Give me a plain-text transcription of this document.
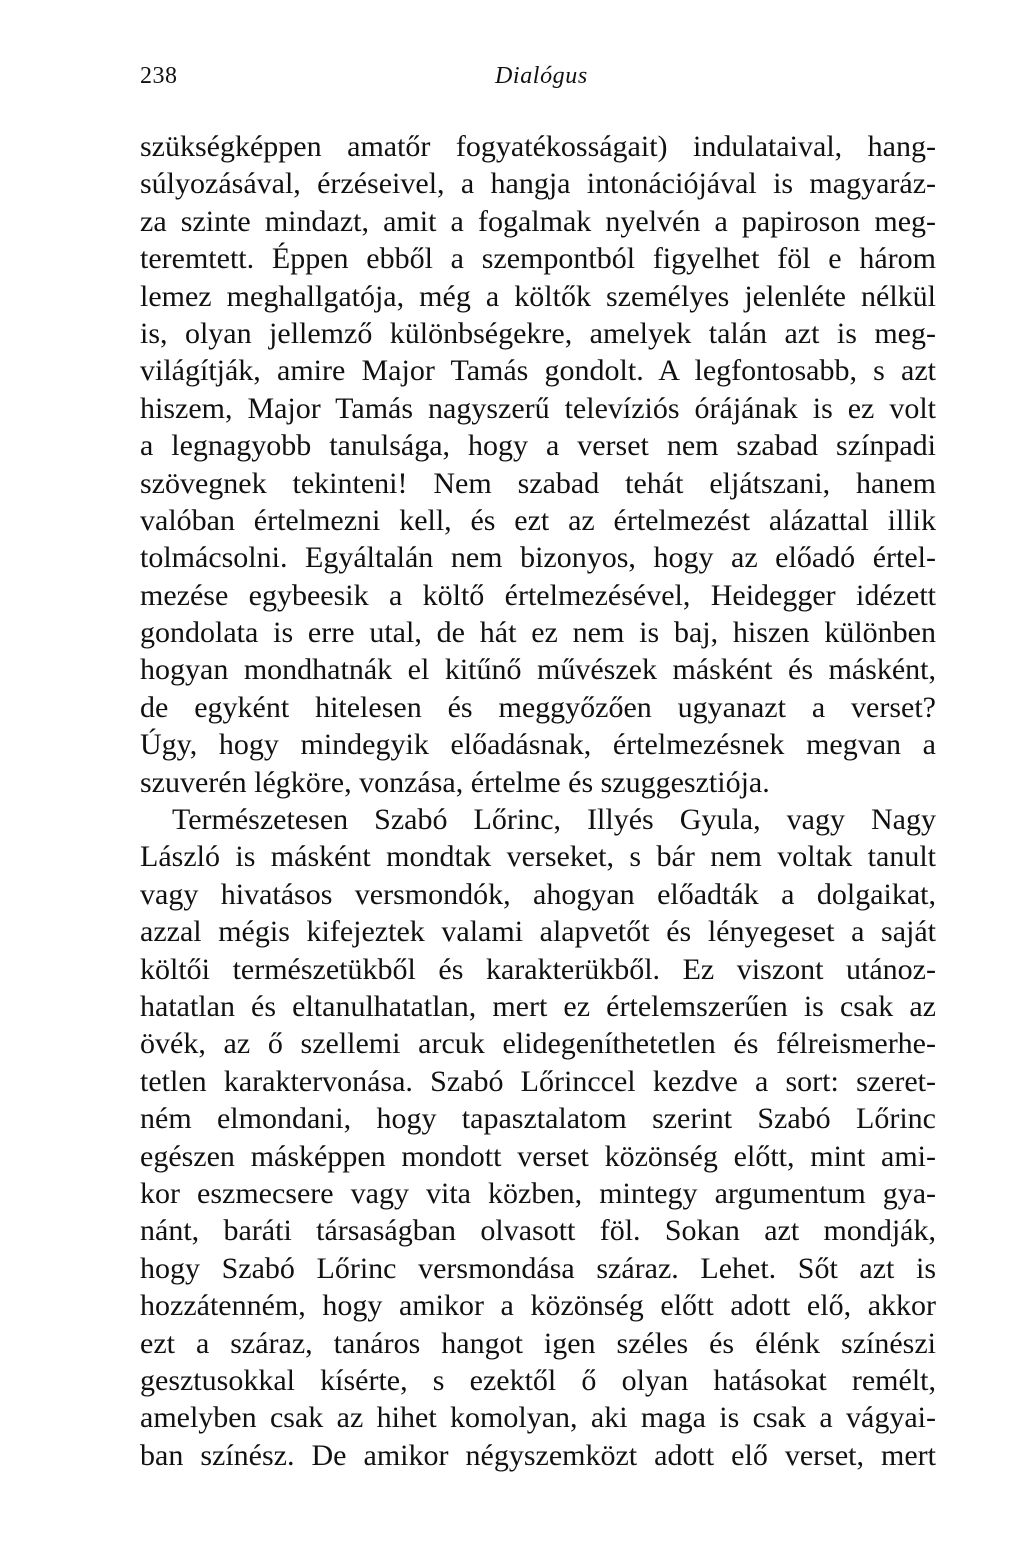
238	Dialógus
szükségképpen amatőr fogyatékosságait) indulataival, hang-
súlyozásával, érzéseivel, a hangja intonációjával is magyaráz-
za szinte mindazt, amit a fogalmak nyelvén a papiroson meg-
teremtett. Éppen ebből a szempontból figyelhet föl e három
lemez meghallgatója, még a költők személyes jelenléte nélkül
is, olyan jellemző különbségekre, amelyek talán azt is meg-
világítják, amire Major Tamás gondolt. A legfontosabb, s azt
hiszem, Major Tamás nagyszerű televíziós órájának is ez volt
a legnagyobb tanulsága, hogy a verset nem szabad színpadi
szövegnek tekinteni! Nem szabad tehát eljátszani, hanem
valóban értelmezni kell, és ezt az értelmezést alázattal illik
tolmácsolni. Egyáltalán nem bizonyos, hogy az előadó értel-
mezése egybeesik a költő értelmezésével, Heidegger idézett
gondolata is erre utal, de hát ez nem is baj, hiszen különben
hogyan mondhatnák el kitűnő művészek másként és másként,
de egyként hitelesen és meggyőzően ugyanazt a verset?
Úgy, hogy mindegyik előadásnak, értelmezésnek megvan a
szuverén légköre, vonzása, értelme és szuggesztiója.
Természetesen Szabó Lőrinc, Illyés Gyula, vagy Nagy
László is másként mondtak verseket, s bár nem voltak tanult
vagy hivatásos versmondók, ahogyan előadták a dolgaikat,
azzal mégis kifejeztek valami alapvetőt és lényegeset a saját
költői természetükből és karakterükből. Ez viszont utánoz-
hatatlan és eltanulhatatlan, mert ez értelemszerűen is csak az
övék, az ő szellemi arcuk elidegeníthetetlen és félreismerhe-
tetlen karaktervonása. Szabó Lőrinccel kezdve a sort: szeret-
ném elmondani, hogy tapasztalatom szerint Szabó Lőrinc
egészen másképpen mondott verset közönség előtt, mint ami-
kor eszmecsere vagy vita közben, mintegy argumentum gya-
nánt, baráti társaságban olvasott föl. Sokan azt mondják,
hogy Szabó Lőrinc versmondása száraz. Lehet. Sőt azt is
hozzátenném, hogy amikor a közönség előtt adott elő, akkor
ezt a száraz, tanáros hangot igen széles és élénk színészi
gesztusokkal kísérte, s ezektől ő olyan hatásokat remélt,
amelyben csak az hihet komolyan, aki maga is csak a vágyai-
ban színész. De amikor négyszemközt adott elő verset, mert
